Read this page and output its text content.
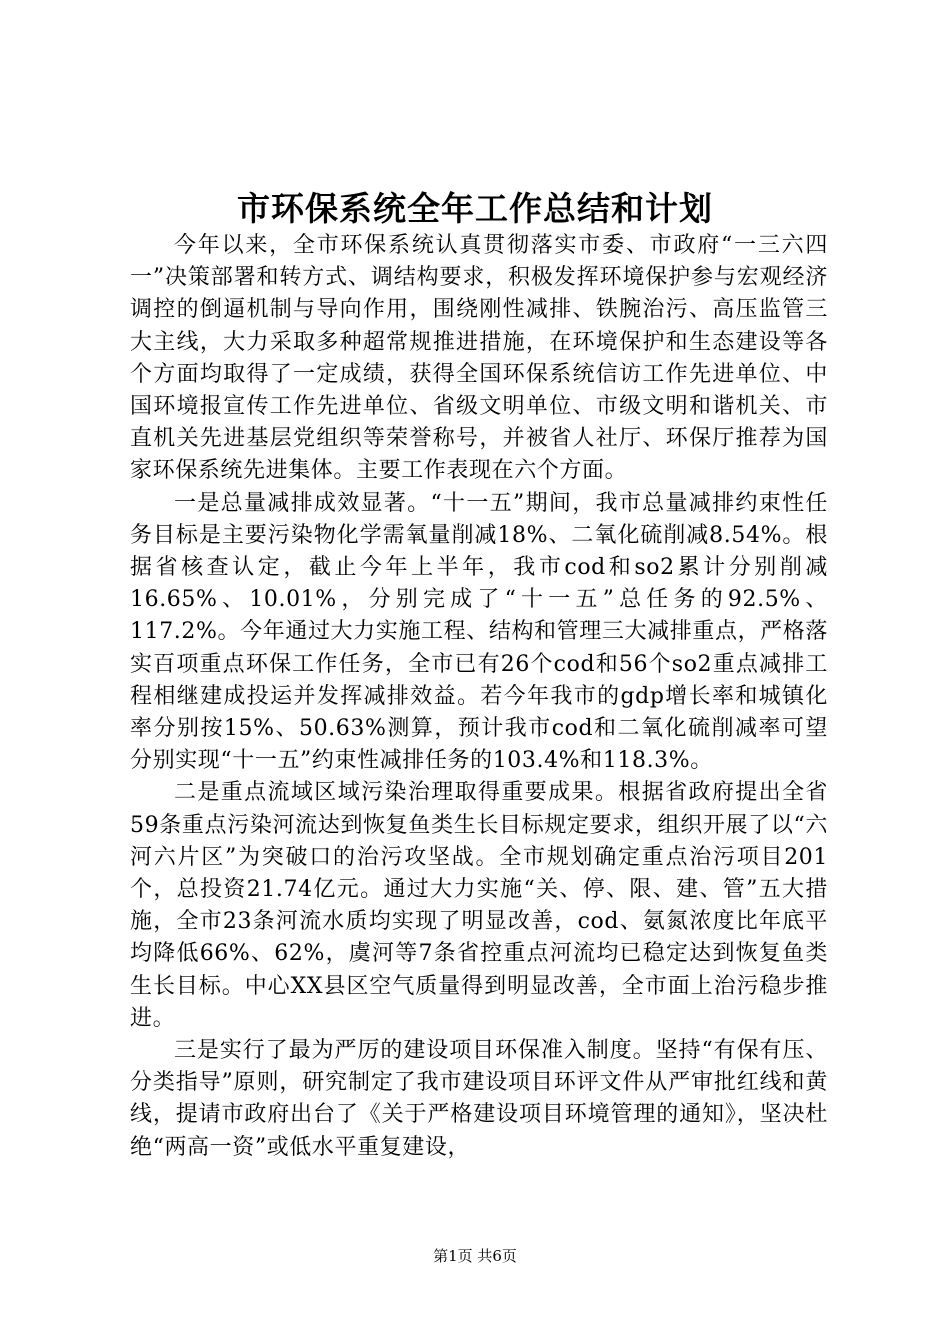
市环保系统全年工作总结和计划

今年以来，全市环保系统认真贯彻落实市委、市政府“一三六四一”决策部署和转方式、调结构要求，积极发挥环境保护参与宏观经济调控的倒逼机制与导向作用，围绕刚性减排、铁腕治污、高压监管三大主线，大力采取多种超常规推进措施，在环境保护和生态建设等各个方面均取得了一定成绩，获得全国环保系统信访工作先进单位、中国环境报宣传工作先进单位、省级文明单位、市级文明和谐机关、市直机关先进基层党组织等荣誉称号，并被省人社厅、环保厅推荐为国家环保系统先进集体。主要工作表现在六个方面。

一是总量减排成效显著。“十一五”期间，我市总量减排约束性任务目标是主要污染物化学需氧量削减18%、二氧化硫削减8.54%。根据省核查认定，截止今年上半年，我市cod和so2累计分别削减16.65%、10.01%，分别完成了“十一五”总任务的92.5%、117.2%。今年通过大力实施工程、结构和管理三大减排重点，严格落实百项重点环保工作任务，全市已有26个cod和56个so2重点减排工程相继建成投运并发挥减排效益。若今年我市的gdp增长率和城镇化率分别按15%、50.63%测算，预计我市cod和二氧化硫削减率可望分别实现“十一五”约束性减排任务的103.4%和118.3%。

二是重点流域区域污染治理取得重要成果。根据省政府提出全省59条重点污染河流达到恢复鱼类生长目标规定要求，组织开展了以“六河六片区”为突破口的治污攻坚战。全市规划确定重点治污项目201个，总投资21.74亿元。通过大力实施“关、停、限、建、管”五大措施，全市23条河流水质均实现了明显改善，cod、氨氮浓度比年底平均降低66%、62%，虞河等7条省控重点河流均已稳定达到恢复鱼类生长目标。中心XX县区空气质量得到明显改善，全市面上治污稳步推进。

三是实行了最为严厉的建设项目环保准入制度。坚持“有保有压、分类指导”原则，研究制定了我市建设项目环评文件从严审批红线和黄线，提请市政府出台了《关于严格建设项目环境管理的通知》，坚决杜绝“两高一资”或低水平重复建设，

第1页 共6页
